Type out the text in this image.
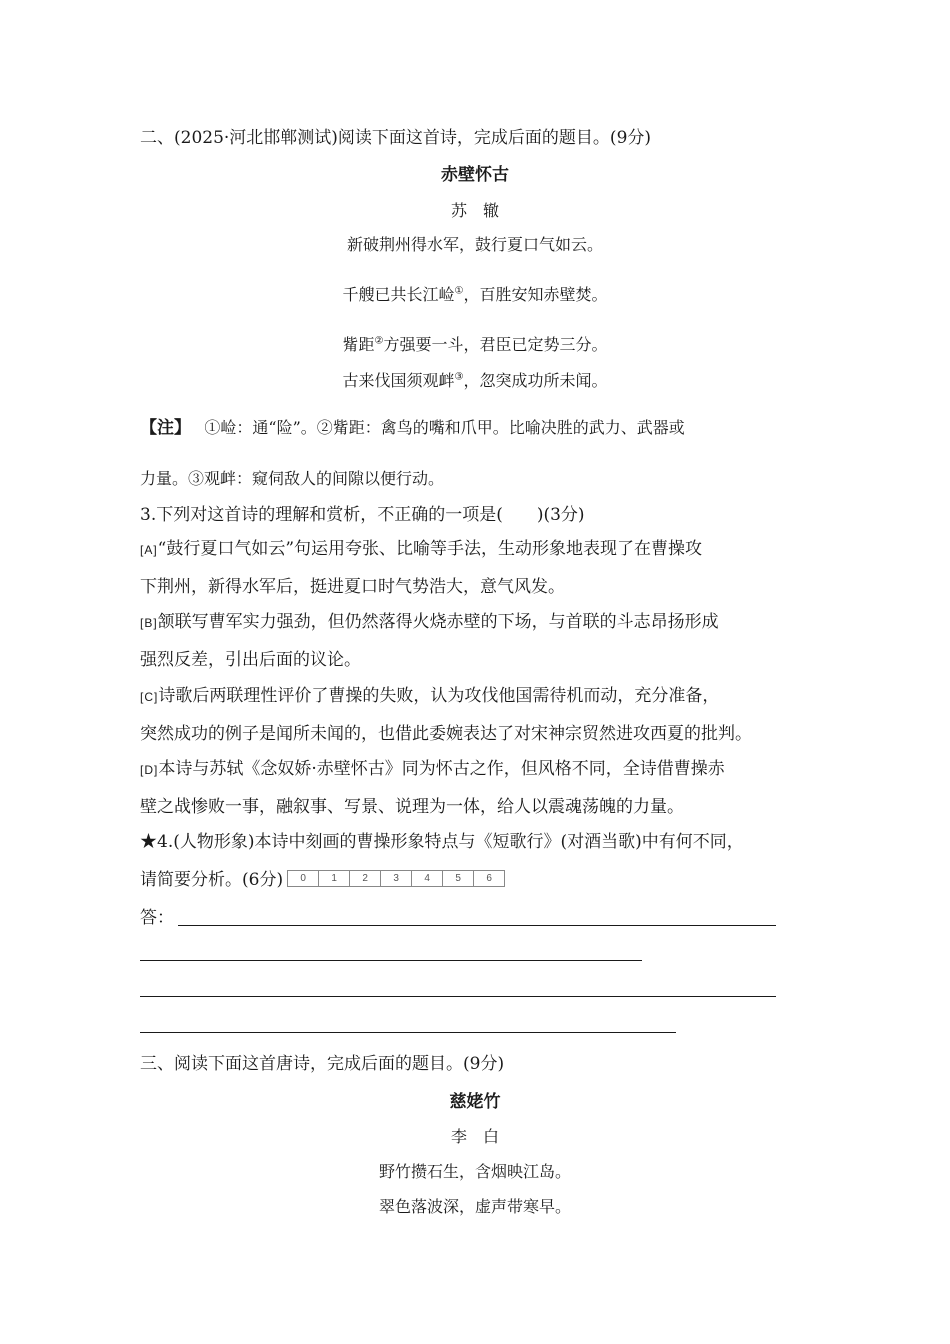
二、(2025·河北邯郸测试)阅读下面这首诗，完成后面的题目。(9分)
赤壁怀古
苏　辙
新破荆州得水军，鼓行夏口气如云。
千艘已共长江崄①，百胜安知赤壁焚。
觜距②方强要一斗，君臣已定势三分。
古来伐国须观衅③，忽突成功所未闻。
【注】 ①崄：通“险”。②觜距：禽鸟的嘴和爪甲。比喻决胜的武力、武器或
力量。③观衅：窥伺敌人的间隙以便行动。
3.下列对这首诗的理解和赏析，不正确的一项是(　　)(3分)
[A]“鼓行夏口气如云”句运用夸张、比喻等手法，生动形象地表现了在曹操攻
下荆州，新得水军后，挺进夏口时气势浩大，意气风发。
[B]颔联写曹军实力强劲，但仍然落得火烧赤壁的下场，与首联的斗志昂扬形成
强烈反差，引出后面的议论。
[C]诗歌后两联理性评价了曹操的失败，认为攻伐他国需待机而动，充分准备，
突然成功的例子是闻所未闻的，也借此委婉表达了对宋神宗贸然进攻西夏的批判。
[D]本诗与苏轼《念奴娇·赤壁怀古》同为怀古之作，但风格不同，全诗借曹操赤
壁之战惨败一事，融叙事、写景、说理为一体，给人以震魂荡魄的力量。
★4.(人物形象)本诗中刻画的曹操形象特点与《短歌行》(对酒当歌)中有何不同，
请简要分析。(6分)	0	1	2	3	4	5	6
答：
三、阅读下面这首唐诗，完成后面的题目。(9分)
慈姥竹
李　白
野竹攒石生，含烟映江岛。
翠色落波深，虚声带寒早。
